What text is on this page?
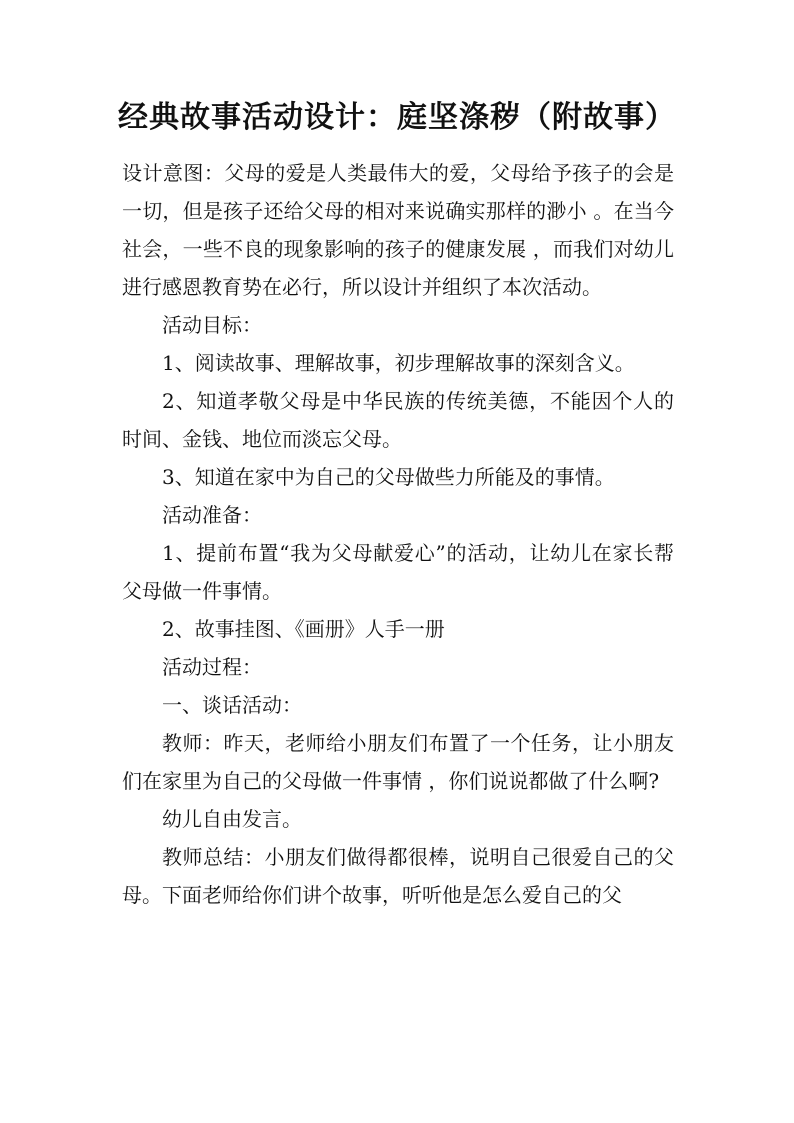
经典故事活动设计：庭坚涤秽（附故事）

设计意图：父母的爱是人类最伟大的爱，父母给予孩子的会是一切，但是孩子还给父母的相对来说确实那样的渺小 。在当今社会，一些不良的现象影响的孩子的健康发展 ，而我们对幼儿进行感恩教育势在必行，所以设计并组织了本次活动。

活动目标：

1、阅读故事、理解故事，初步理解故事的深刻含义。

2、知道孝敬父母是中华民族的传统美德，不能因个人的时间、金钱、地位而淡忘父母。

3、知道在家中为自己的父母做些力所能及的事情。

活动准备：

1、提前布置“我为父母献爱心”的活动，让幼儿在家长帮父母做一件事情。

2、故事挂图、《画册》人手一册

活动过程：

一、谈话活动：

教师：昨天，老师给小朋友们布置了一个任务，让小朋友们在家里为自己的父母做一件事情 ，你们说说都做了什么啊?

幼儿自由发言。

教师总结：小朋友们做得都很棒，说明自己很爱自己的父母。下面老师给你们讲个故事，听听他是怎么爱自己的父
